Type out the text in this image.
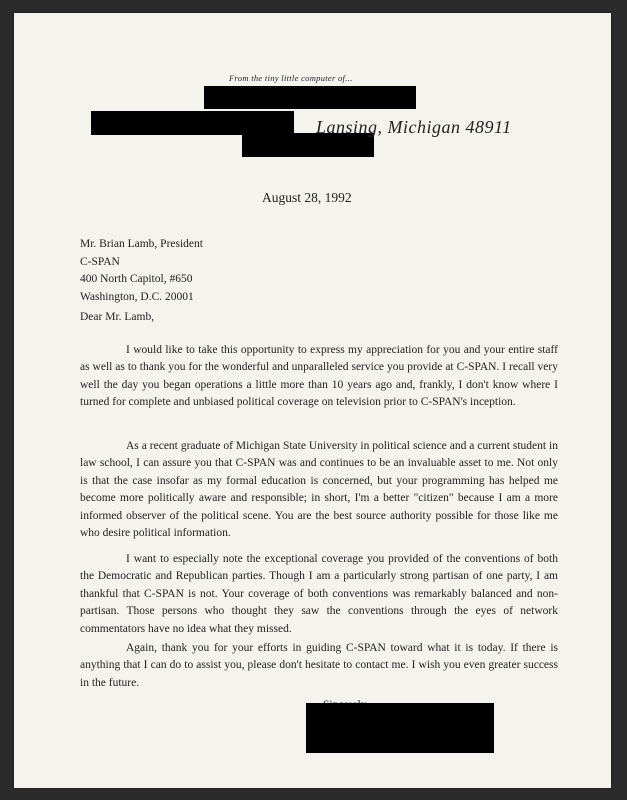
From the tiny little computer of...
Lansing, Michigan 48911
August 28, 1992
Mr. Brian Lamb, President
C-SPAN
400 North Capitol, #650
Washington, D.C. 20001
Dear Mr. Lamb,
I would like to take this opportunity to express my appreciation for you and your entire staff as well as to thank you for the wonderful and unparalleled service you provide at C-SPAN. I recall very well the day you began operations a little more than 10 years ago and, frankly, I don't know where I turned for complete and unbiased political coverage on television prior to C-SPAN's inception.
As a recent graduate of Michigan State University in political science and a current student in law school, I can assure you that C-SPAN was and continues to be an invaluable asset to me. Not only is that the case insofar as my formal education is concerned, but your programming has helped me become more politically aware and responsible; in short, I'm a better "citizen" because I am a more informed observer of the political scene. You are the best source authority possible for those like me who desire political information.
I want to especially note the exceptional coverage you provided of the conventions of both the Democratic and Republican parties. Though I am a particularly strong partisan of one party, I am thankful that C-SPAN is not. Your coverage of both conventions was remarkably balanced and non-partisan. Those persons who thought they saw the conventions through the eyes of network commentators have no idea what they missed.
Again, thank you for your efforts in guiding C-SPAN toward what it is today. If there is anything that I can do to assist you, please don't hesitate to contact me. I wish you even greater success in the future.
